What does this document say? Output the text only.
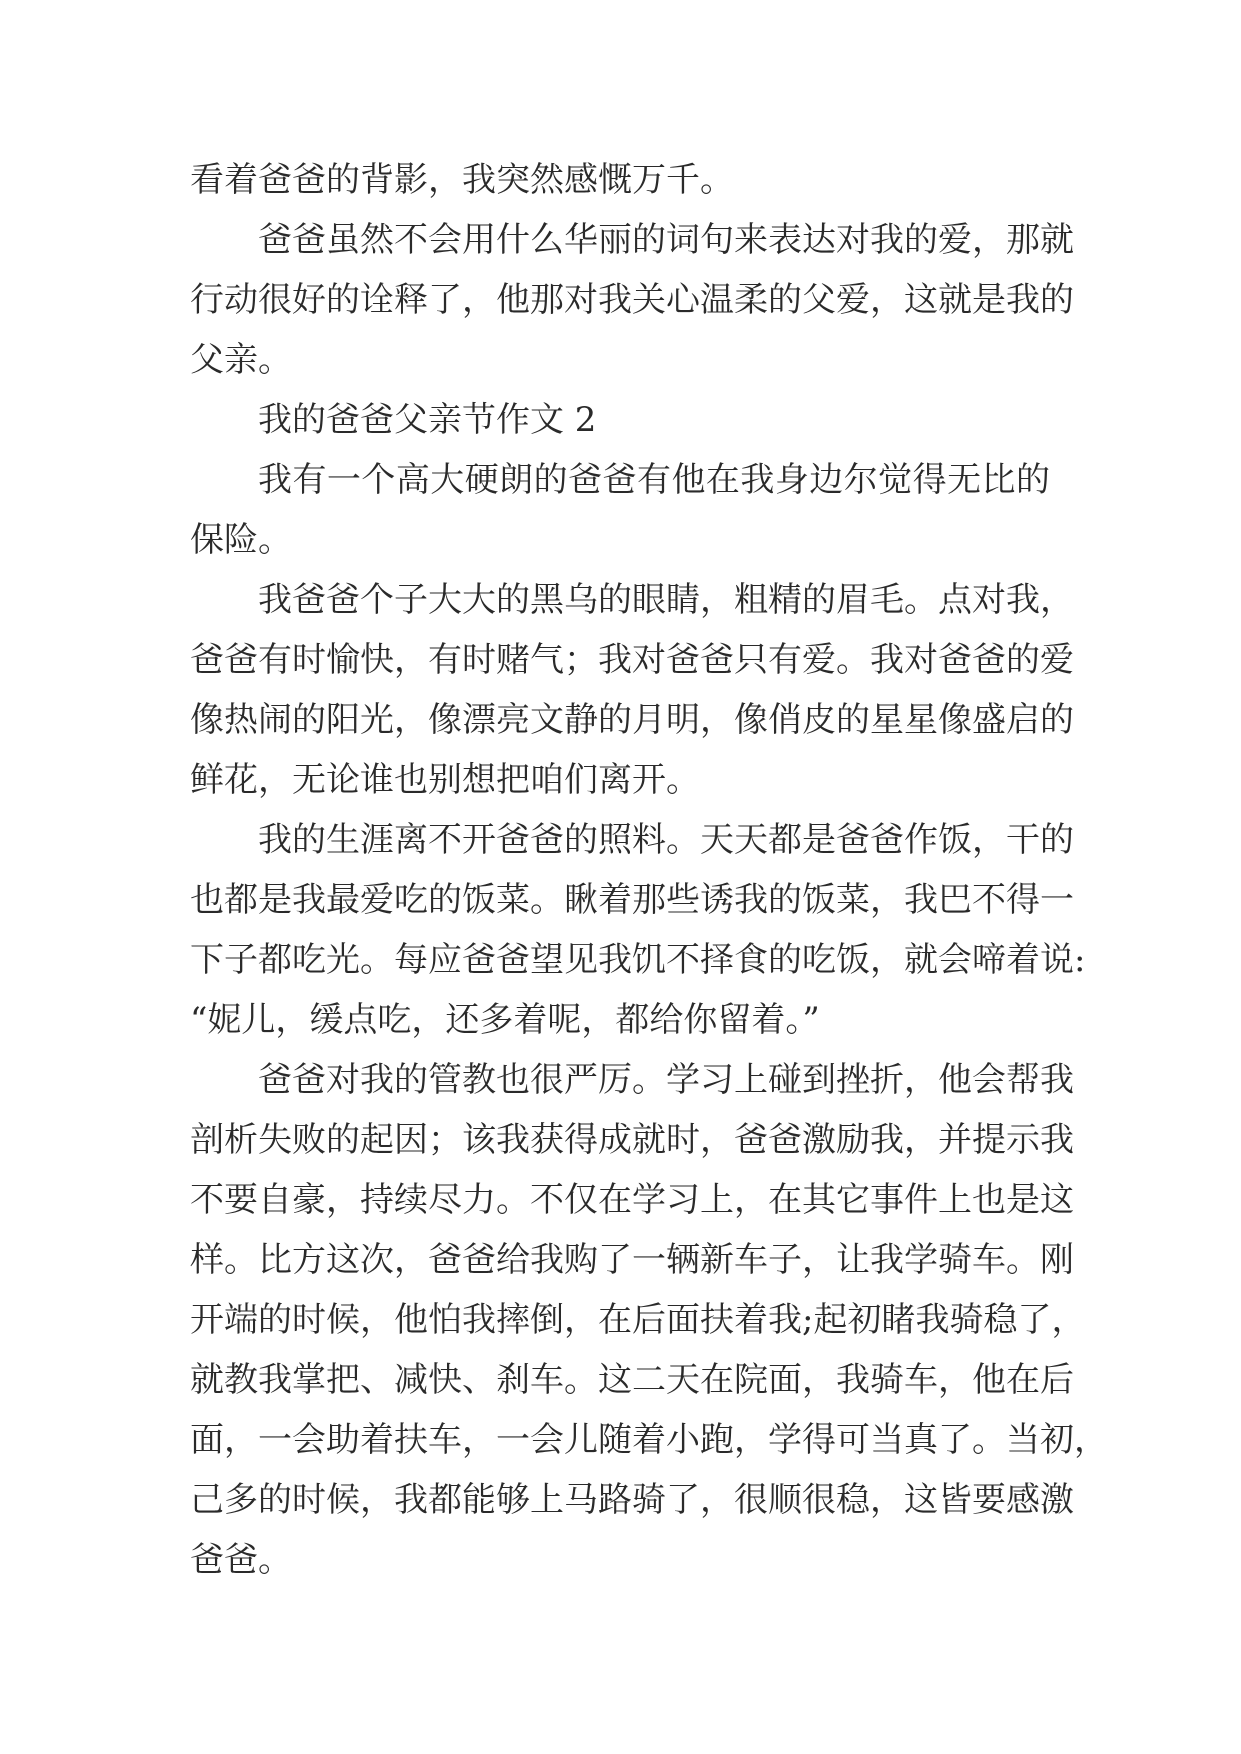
看着爸爸的背影，我突然感慨万千。
爸爸虽然不会用什么华丽的词句来表达对我的爱，那就
行动很好的诠释了，他那对我关心温柔的父爱，这就是我的
父亲。
我的爸爸父亲节作文 2
我有一个高大硬朗的爸爸有他在我身边尔觉得无比的
保险。
我爸爸个子大大的黑乌的眼睛，粗精的眉毛。点对我，
爸爸有时愉快，有时赌气；我对爸爸只有爱。我对爸爸的爱
像热闹的阳光，像漂亮文静的月明，像俏皮的星星像盛启的
鲜花，无论谁也别想把咱们离开。
我的生涯离不开爸爸的照料。天天都是爸爸作饭，干的
也都是我最爱吃的饭菜。瞅着那些诱我的饭菜，我巴不得一
下子都吃光。每应爸爸望见我饥不择食的吃饭，就会啼着说:
“妮儿，缓点吃，还多着呢，都给你留着。”
爸爸对我的管教也很严厉。学习上碰到挫折，他会帮我
剖析失败的起因；该我获得成就时，爸爸激励我，并提示我
不要自豪，持续尽力。不仅在学习上，在其它事件上也是这
样。比方这次，爸爸给我购了一辆新车子，让我学骑车。刚
开端的时候，他怕我摔倒，在后面扶着我;起初睹我骑稳了，
就教我掌把、减快、刹车。这二天在院面，我骑车，他在后
面，一会助着扶车，一会儿随着小跑，学得可当真了。当初，
己多的时候，我都能够上马路骑了，很顺很稳，这皆要感激
爸爸。
